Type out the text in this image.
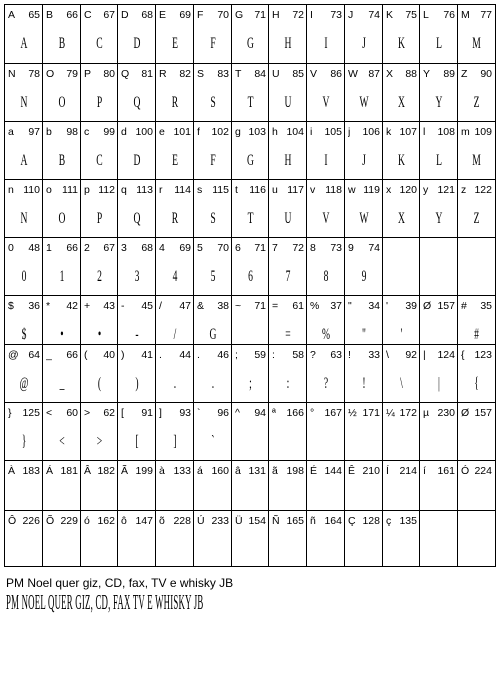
A 65
A
B 66
B
C 67
C
D 68
D
E 69
E
F 70
F
G 71
G
H 72
H
I 73
I
J 74
J
K 75
K
L 76
L
M 77
M
N 78
N
O 79
O
P 80
P
Q 81
Q
R 82
R
S 83
S
T 84
T
U 85
U
V 86
V
W 87
W
X 88
X
Y 89
Y
Z 90
Z
a 97
A
b 98
B
c 99
C
d 100
D
e 101
E
f 102
F
g 103
G
h 104
H
i 105
I
j 106
J
k 107
K
l 108
L
m 109
M
n 110
N
o 111
O
p 112
P
q 113
Q
r 114
R
s 115
S
t 116
T
u 117
U
v 118
V
w 119
W
x 120
X
y 121
Y
z 122
Z
0 48
0
1 66
1
2 67
2
3 68
3
4 69
4
5 70
5
6 71
6
7 72
7
8 73
8
9 74
9
$ 36
$
* 42
•
+ 43
•
- 45
-
/ 47
/
& 38
G
~ 71 = 61
=
% 37
%
" 34
"
' 39
'
Ø 157 # 35
#
@ 64
@
_ 66
_
( 40
(
) 41
)
. 44
.
. 46
.
; 59
;
: 58
:
? 63
?
! 33
!
\ 92
\
| 124
|
{ 123
{
} 125
}
< 60
<
> 62
>
[ 91
[
] 93
]
` 96
`
^ 94 ª 166 ° 167 ½ 171 ¼ 172 µ 230 Ø 157
À 183 Á 181 Â 182 Ã 199 à 133 á 160 â 131 ã 198 É 144 Ê 210 Í 214 í 161 Ó 224
Ô 226 Õ 229 ó 162 ô 147 õ 228 Ú 233 Ü 154 Ñ 165 ñ 164 Ç 128 ç 135
PM Noel quer giz, CD, fax, TV e whisky JB
PM NOEL QUER GIZ, CD, FAX TV E WHISKY JB
